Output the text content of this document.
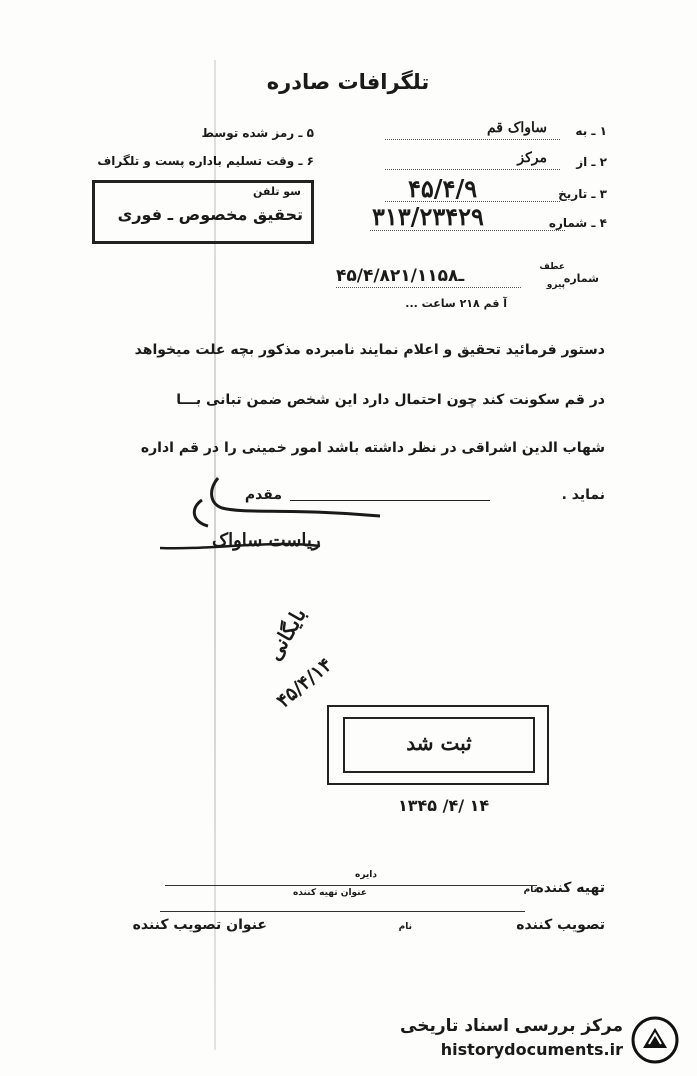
تلگرافات صادره
۱ ـ به
ساواک قم
۲ ـ از
مرکز
۳ ـ تاریخ
۴۵/۴/۹
۴ ـ شماره
۳۱۳/۲۳۴۲۹
۵ ـ رمز شده توسط
۶ ـ وقت تسلیم باداره پست و تلگراف
سو تلفن
تحقیق مخصوص ـ فوری
شماره
عطف
پیرو
۴۵/۴/۸ـ۲۱/۱۱۵۸
آ قم ۲۱۸ ساعت ...
دستور فرمائید تحقیق و اعلام نمایند نامبرده مذکور بچه علت میخواهد
در قم سکونت کند چون احتمال دارد این شخص ضمن تبانی بـــا
شهاب الدین اشراقی در نظر داشته باشد امور خمینی را در قم اداره
نماید .
مقدم
ریاست ساواک
بایگانی
۴۵/۴/۱۴
ثبت شد
۱۳۴۵ /۴/ ۱۴
دایره
تهیه کننده
نام
عنوان تهیه کننده
تصویب کننده
نام
عنوان تصویب کننده
مرکز بررسی اسناد تاریخی
historydocuments.ir
